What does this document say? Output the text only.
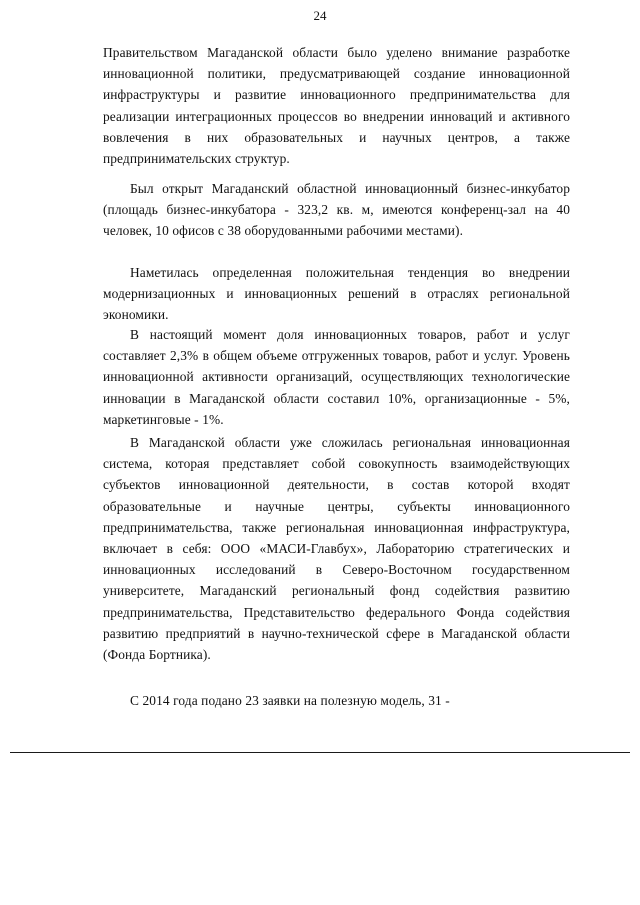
24

Правительством Магаданской области было уделено внимание разработке инновационной политики, предусматривающей создание инновационной инфраструктуры и развитие инновационного предпринимательства для реализации интеграционных процессов во внедрении инноваций и активного вовлечения в них образовательных и научных центров, а также предпринимательских структур.

Был открыт Магаданский областной инновационный бизнес-инкубатор (площадь бизнес-инкубатора - 323,2 кв. м, имеются конференц-зал на 40 человек, 10 офисов с 38 оборудованными рабочими местами).

Наметилась определенная положительная тенденция во внедрении модернизационных и инновационных решений в отраслях региональной экономики.

В настоящий момент доля инновационных товаров, работ и услуг составляет 2,3% в общем объеме отгруженных товаров, работ и услуг. Уровень инновационной активности организаций, осуществляющих технологические инновации в Магаданской области составил 10%, организационные - 5%, маркетинговые - 1%.

В Магаданской области уже сложилась региональная инновационная система, которая представляет собой совокупность взаимодействующих субъектов инновационной деятельности, в состав которой входят образовательные и научные центры, субъекты инновационного предпринимательства, также региональная инновационная инфраструктура, включает в себя: ООО «МАСИ-Главбух», Лабораторию стратегических и инновационных исследований в Северо-Восточном государственном университете, Магаданский региональный фонд содействия развитию предпринимательства, Представительство федерального Фонда содействия развитию предприятий в научно-технической сфере в Магаданской области (Фонда Бортника).

С 2014 года подано 23 заявки на полезную модель, 31 -
